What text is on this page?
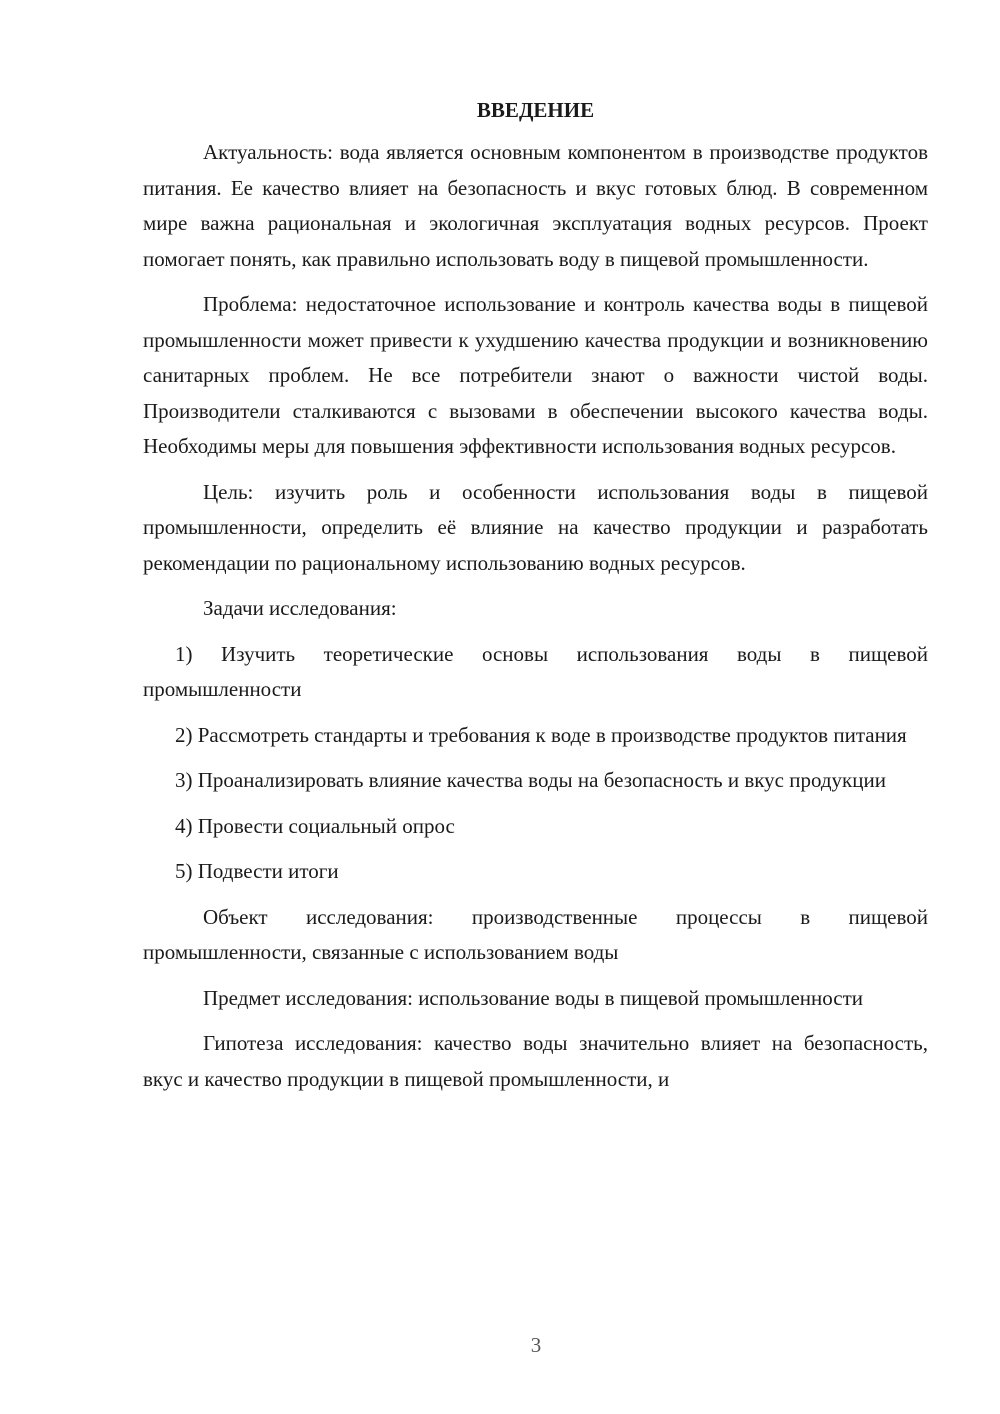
ВВЕДЕНИЕ

Актуальность: вода является основным компонентом в производстве продуктов питания. Ее качество влияет на безопасность и вкус готовых блюд. В современном мире важна рациональная и экологичная эксплуатация водных ресурсов. Проект помогает понять, как правильно использовать воду в пищевой промышленности.

Проблема: недостаточное использование и контроль качества воды в пищевой промышленности может привести к ухудшению качества продукции и возникновению санитарных проблем. Не все потребители знают о важности чистой воды. Производители сталкиваются с вызовами в обеспечении высокого качества воды. Необходимы меры для повышения эффективности использования водных ресурсов.

Цель: изучить роль и особенности использования воды в пищевой промышленности, определить её влияние на качество продукции и разработать рекомендации по рациональному использованию водных ресурсов.

Задачи исследования:

1) Изучить теоретические основы использования воды в пищевой промышленности

2) Рассмотреть стандарты и требования к воде в производстве продуктов питания

3) Проанализировать влияние качества воды на безопасность и вкус продукции

4) Провести социальный опрос

5) Подвести итоги

Объект исследования: производственные процессы в пищевой промышленности, связанные с использованием воды

Предмет исследования: использование воды в пищевой промышленности

Гипотеза исследования: качество воды значительно влияет на безопасность, вкус и качество продукции в пищевой промышленности, и

3
